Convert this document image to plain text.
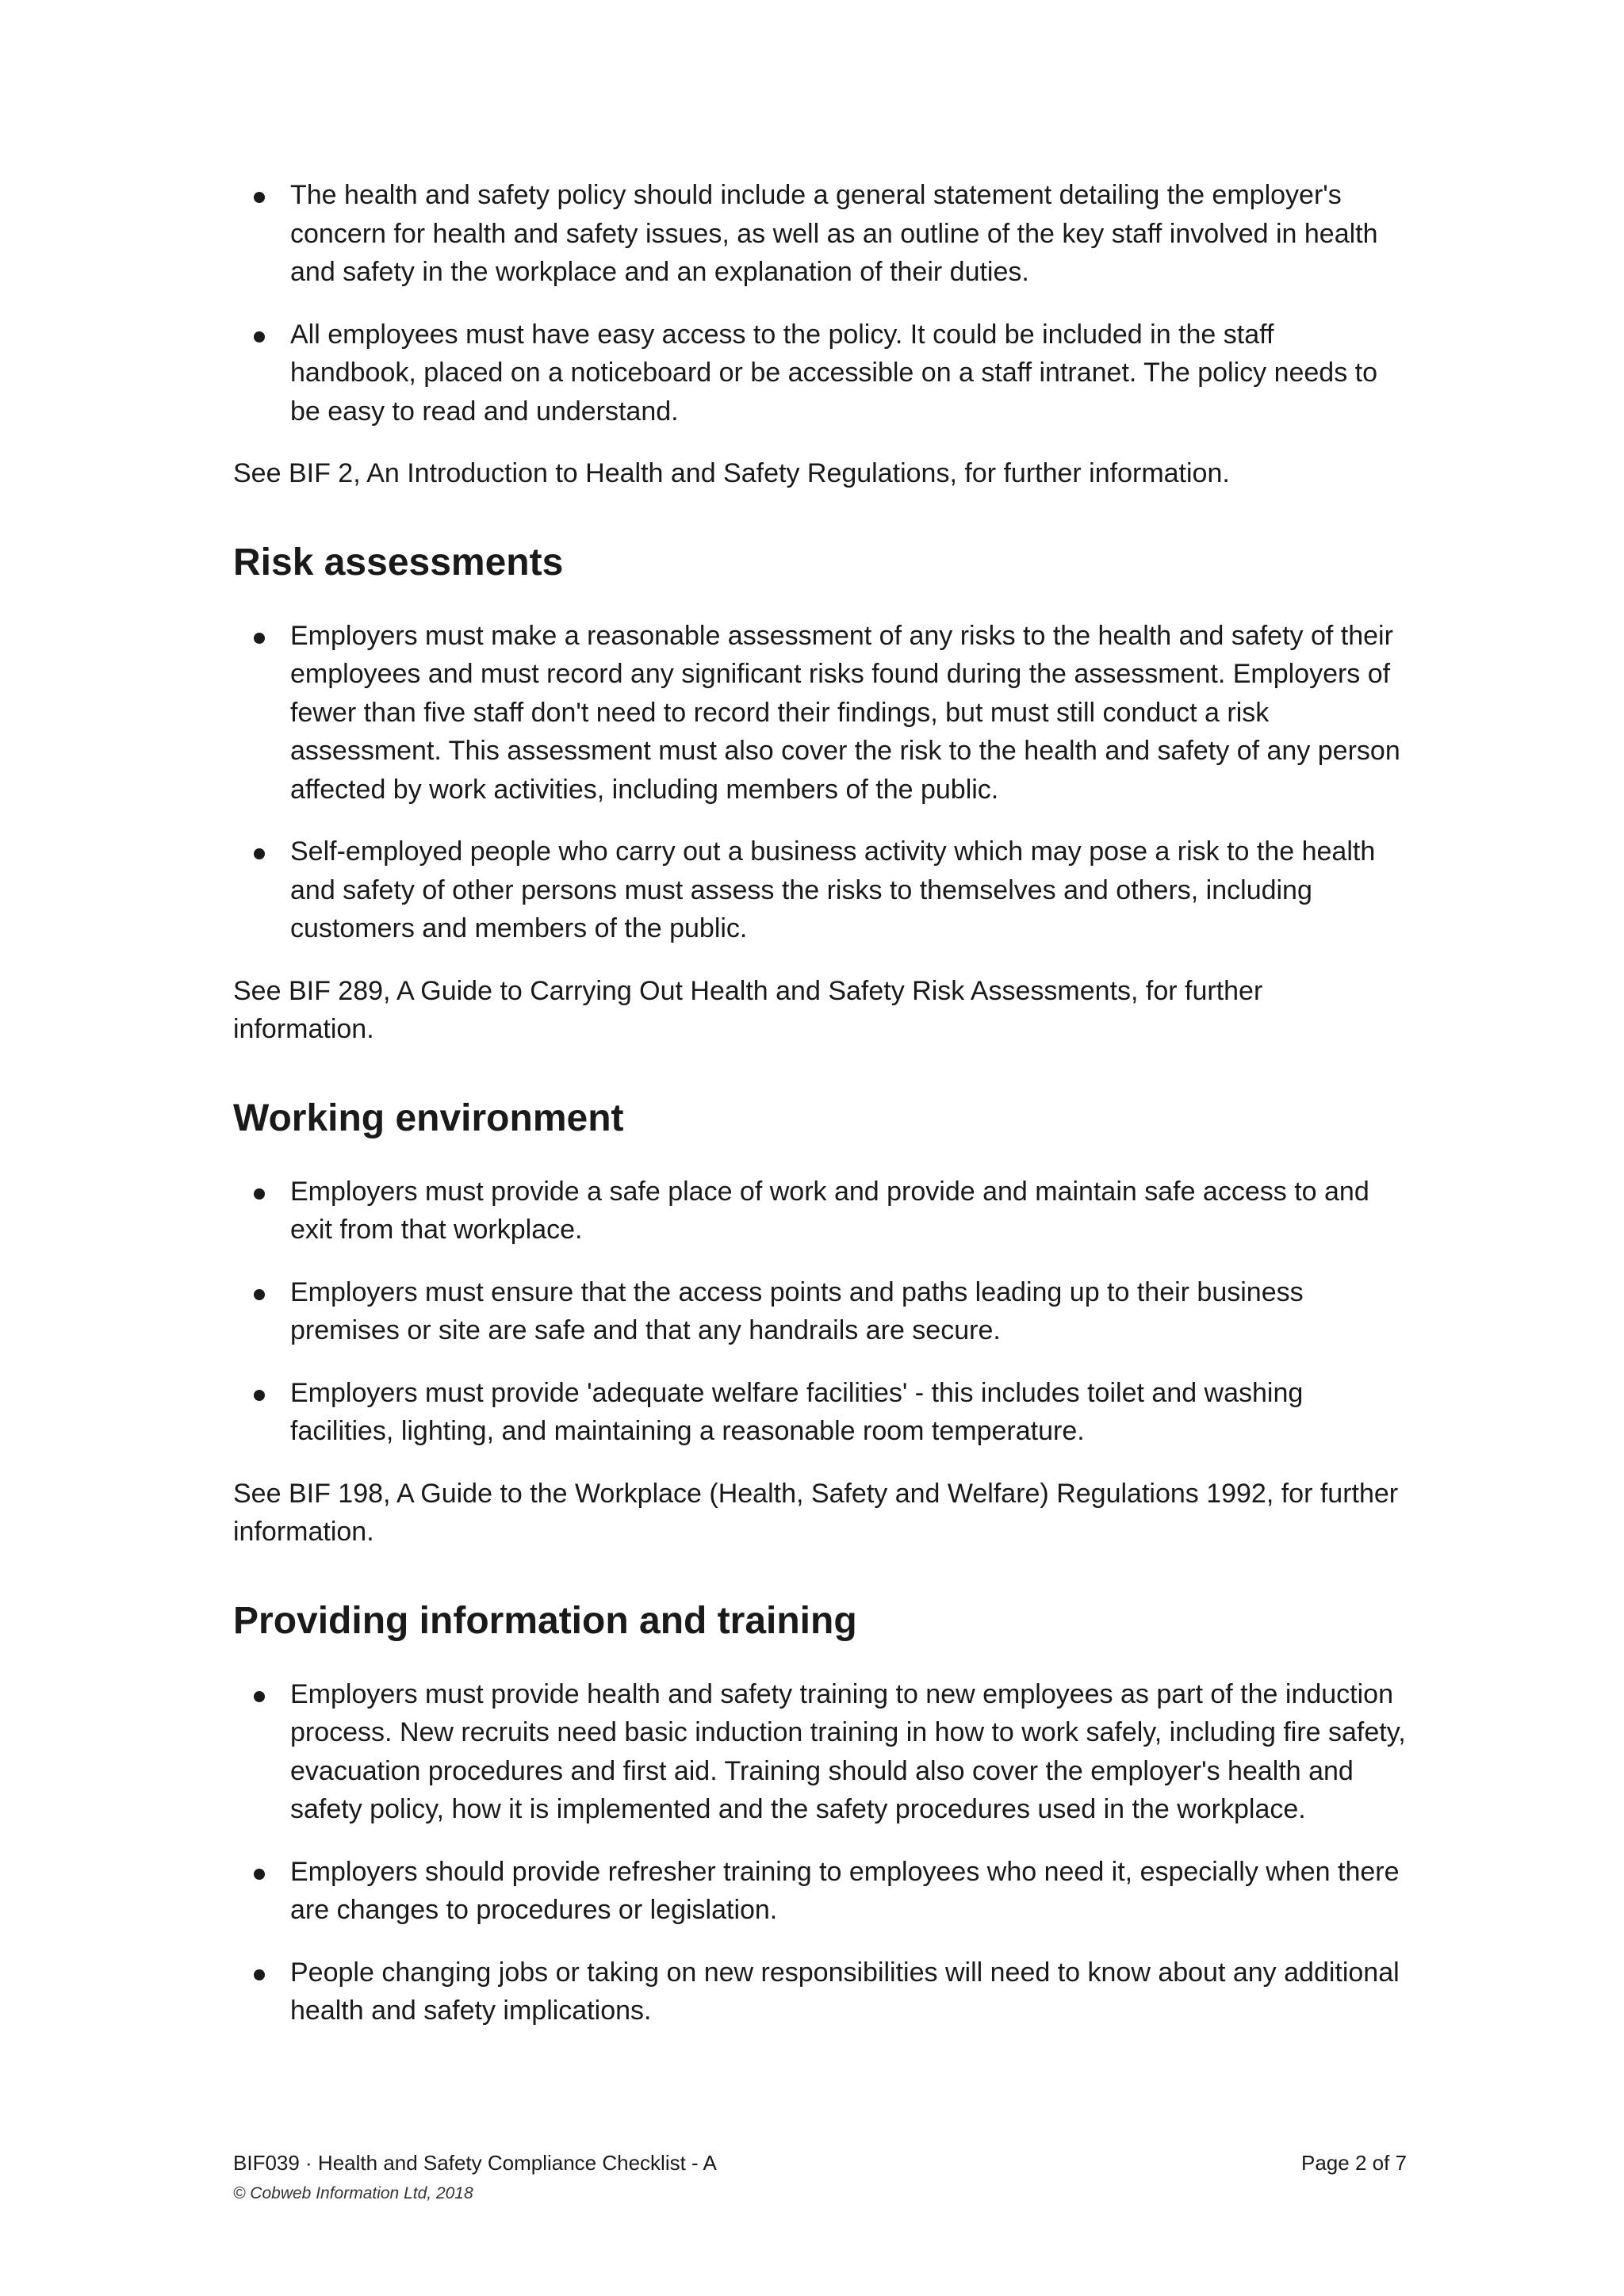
The health and safety policy should include a general statement detailing the employer's concern for health and safety issues, as well as an outline of the key staff involved in health and safety in the workplace and an explanation of their duties.
All employees must have easy access to the policy. It could be included in the staff handbook, placed on a noticeboard or be accessible on a staff intranet. The policy needs to be easy to read and understand.

See BIF 2, An Introduction to Health and Safety Regulations, for further information.

Risk assessments
Employers must make a reasonable assessment of any risks to the health and safety of their employees and must record any significant risks found during the assessment. Employers of fewer than five staff don't need to record their findings, but must still conduct a risk assessment. This assessment must also cover the risk to the health and safety of any person affected by work activities, including members of the public.
Self-employed people who carry out a business activity which may pose a risk to the health and safety of other persons must assess the risks to themselves and others, including customers and members of the public.

See BIF 289, A Guide to Carrying Out Health and Safety Risk Assessments, for further information.

Working environment
Employers must provide a safe place of work and provide and maintain safe access to and exit from that workplace.
Employers must ensure that the access points and paths leading up to their business premises or site are safe and that any handrails are secure.
Employers must provide 'adequate welfare facilities' - this includes toilet and washing facilities, lighting, and maintaining a reasonable room temperature.

See BIF 198, A Guide to the Workplace (Health, Safety and Welfare) Regulations 1992, for further information.

Providing information and training
Employers must provide health and safety training to new employees as part of the induction process. New recruits need basic induction training in how to work safely, including fire safety, evacuation procedures and first aid. Training should also cover the employer's health and safety policy, how it is implemented and the safety procedures used in the workplace.
Employers should provide refresher training to employees who need it, especially when there are changes to procedures or legislation.
People changing jobs or taking on new responsibilities will need to know about any additional health and safety implications.
BIF039 · Health and Safety Compliance Checklist - A	Page 2 of 7
© Cobweb Information Ltd, 2018
